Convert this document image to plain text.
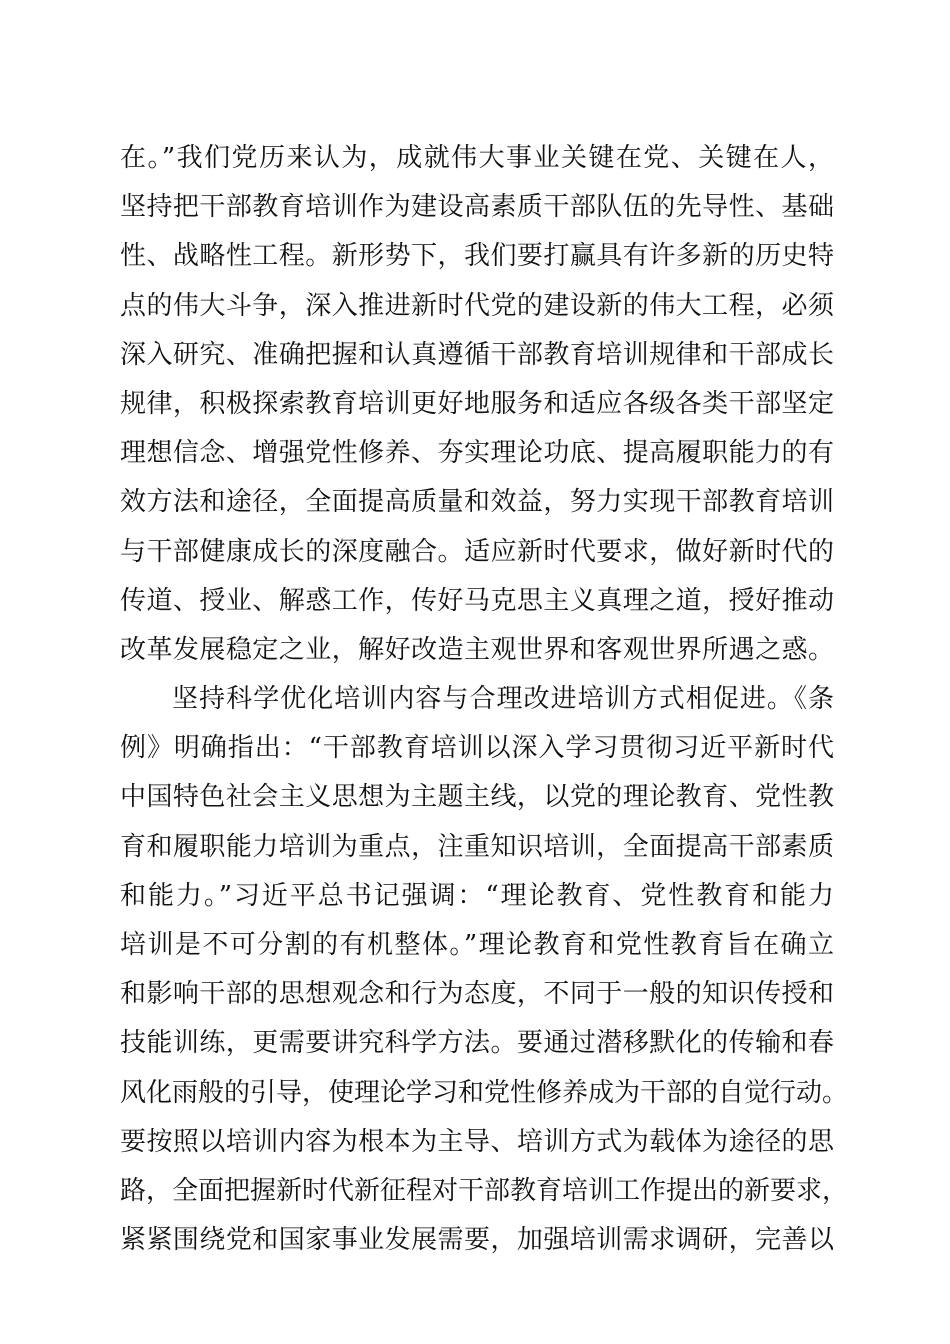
在。”我们党历来认为，成就伟大事业关键在党、关键在人，
坚持把干部教育培训作为建设高素质干部队伍的先导性、基础
性、战略性工程。新形势下，我们要打赢具有许多新的历史特
点的伟大斗争，深入推进新时代党的建设新的伟大工程，必须
深入研究、准确把握和认真遵循干部教育培训规律和干部成长
规律，积极探索教育培训更好地服务和适应各级各类干部坚定
理想信念、增强党性修养、夯实理论功底、提高履职能力的有
效方法和途径，全面提高质量和效益，努力实现干部教育培训
与干部健康成长的深度融合。适应新时代要求，做好新时代的
传道、授业、解惑工作，传好马克思主义真理之道，授好推动
改革发展稳定之业，解好改造主观世界和客观世界所遇之惑。
坚持科学优化培训内容与合理改进培训方式相促进。《条
例》明确指出：“干部教育培训以深入学习贯彻习近平新时代
中国特色社会主义思想为主题主线，以党的理论教育、党性教
育和履职能力培训为重点，注重知识培训，全面提高干部素质
和能力。”习近平总书记强调：“理论教育、党性教育和能力
培训是不可分割的有机整体。”理论教育和党性教育旨在确立
和影响干部的思想观念和行为态度，不同于一般的知识传授和
技能训练，更需要讲究科学方法。要通过潜移默化的传输和春
风化雨般的引导，使理论学习和党性修养成为干部的自觉行动。
要按照以培训内容为根本为主导、培训方式为载体为途径的思
路，全面把握新时代新征程对干部教育培训工作提出的新要求，
紧紧围绕党和国家事业发展需要，加强培训需求调研，完善以
